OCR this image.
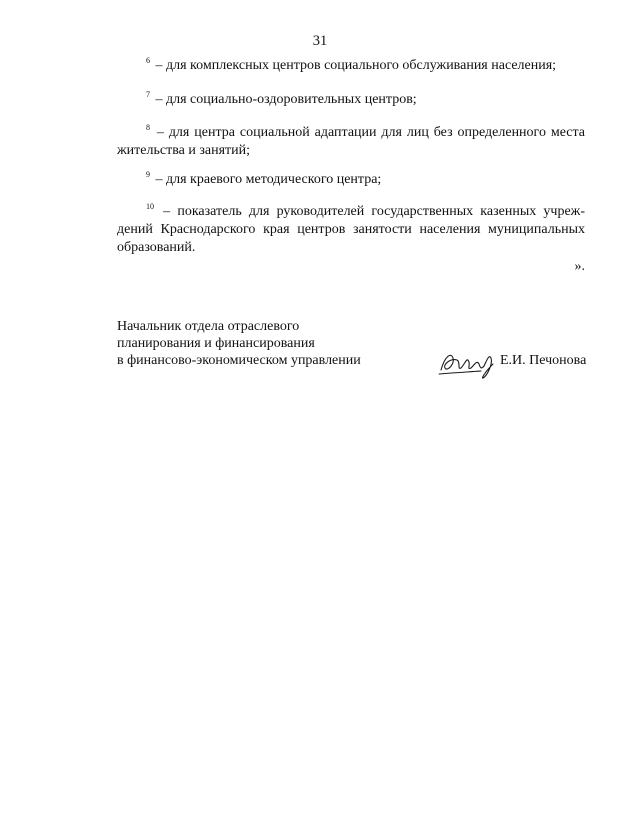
31
$^6$ – для комплексных центров социального обслуживания населения;
$^7$ – для социально-оздоровительных центров;
$^8$ – для центра социальной адаптации для лиц без определенного места жительства и занятий;
$^9$ – для краевого методического центра;
$^{10}$ – показатель для руководителей государственных казенных учреж-дений Краснодарского края центров занятости населения муниципальных образований.
».
Начальник отдела отраслевого
планирования и финансирования
в финансово-экономическом управлении	Е.И. Печонова
